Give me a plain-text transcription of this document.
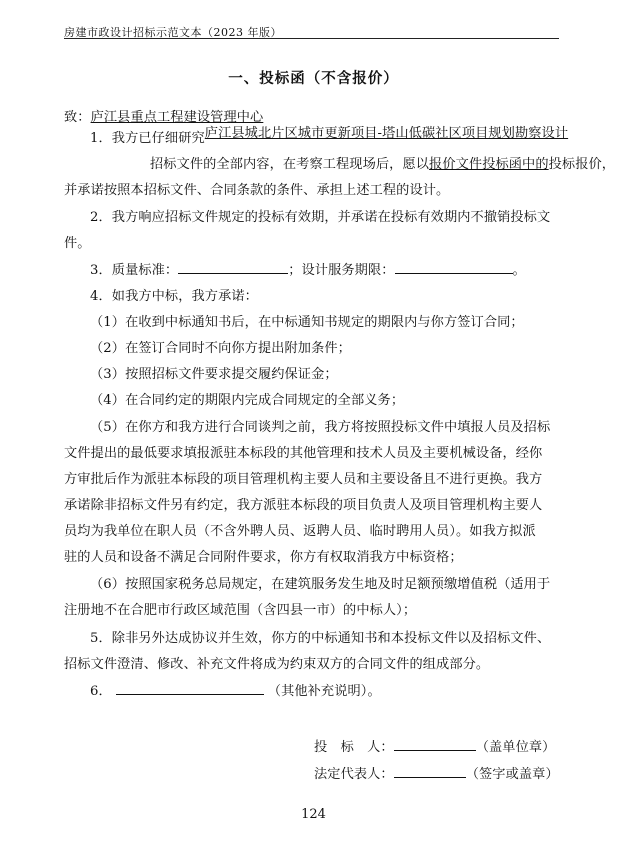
房建市政设计招标示范文本（2023 年版）
一、投标函（不含报价）
致：庐江县重点工程建设管理中心
1．我方已仔细研究庐江县城北片区城市更新项目-塔山低碳社区项目规划勘察设计
招标文件的全部内容，在考察工程现场后，愿以报价文件投标函中的投标报价，
并承诺按照本招标文件、合同条款的条件、承担上述工程的设计。
2．我方响应招标文件规定的投标有效期，并承诺在投标有效期内不撤销投标文
件。
3．质量标准：	；设计服务期限：	。
4．如我方中标，我方承诺：
（1）在收到中标通知书后，在中标通知书规定的期限内与你方签订合同；
（2）在签订合同时不向你方提出附加条件；
（3）按照招标文件要求提交履约保证金；
（4）在合同约定的期限内完成合同规定的全部义务；
（5）在你方和我方进行合同谈判之前，我方将按照投标文件中填报人员及招标
文件提出的最低要求填报派驻本标段的其他管理和技术人员及主要机械设备，经你
方审批后作为派驻本标段的项目管理机构主要人员和主要设备且不进行更换。我方
承诺除非招标文件另有约定，我方派驻本标段的项目负责人及项目管理机构主要人
员均为我单位在职人员（不含外聘人员、返聘人员、临时聘用人员）。如我方拟派
驻的人员和设备不满足合同附件要求，你方有权取消我方中标资格；
（6）按照国家税务总局规定，在建筑服务发生地及时足额预缴增值税（适用于
注册地不在合肥市行政区域范围（含四县一市）的中标人）；
5．除非另外达成协议并生效，你方的中标通知书和本投标文件以及招标文件、
招标文件澄清、修改、补充文件将成为约束双方的合同文件的组成部分。
6．	（其他补充说明）。
投　标　人：	（盖单位章）
法定代表人：	（签字或盖章）
124
